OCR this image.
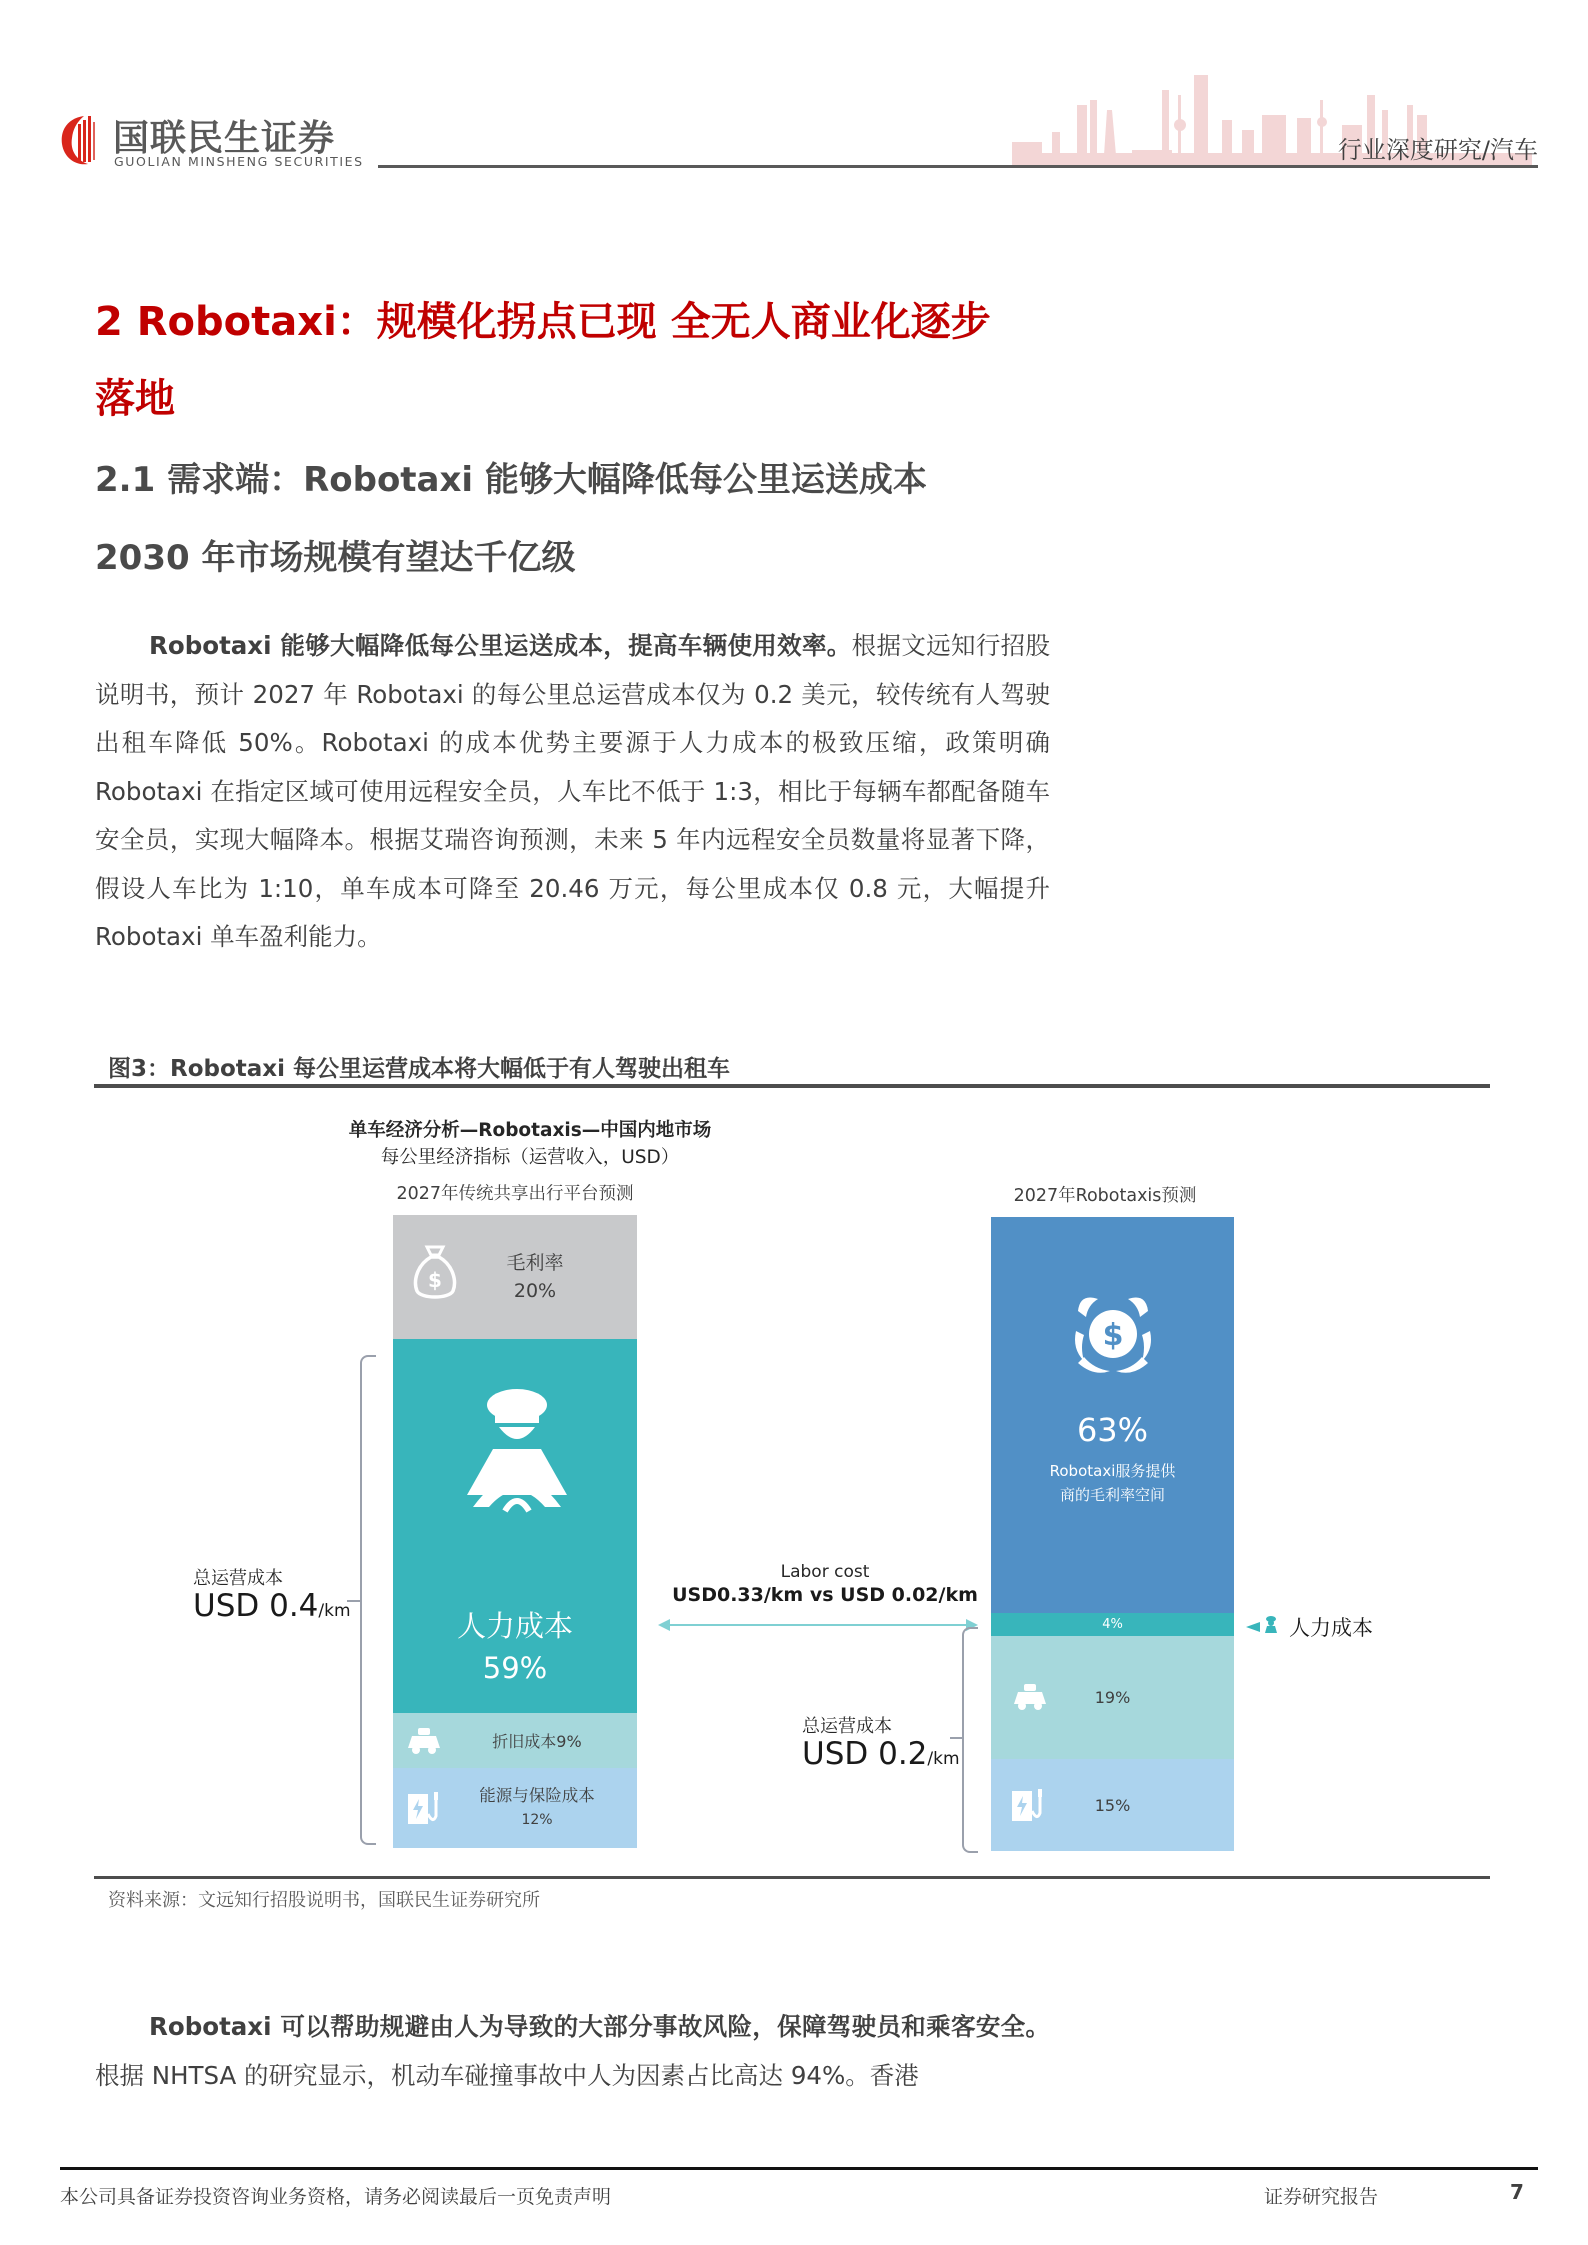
国联民生证券
GUOLIAN MINSHENG SECURITIES	行业深度研究/汽车
2 Robotaxi：规模化拐点已现 全无人商业化逐步
落地
2.1 需求端：Robotaxi 能够大幅降低每公里运送成本
2030 年市场规模有望达千亿级
Robotaxi 能够大幅降低每公里运送成本，提高车辆使用效率。根据文远知行招股说明书，预计 2027 年 Robotaxi 的每公里总运营成本仅为 0.2 美元，较传统有人驾驶出租车降低 50%。Robotaxi 的成本优势主要源于人力成本的极致压缩，政策明确 Robotaxi 在指定区域可使用远程安全员，人车比不低于 1:3，相比于每辆车都配备随车安全员，实现大幅降本。根据艾瑞咨询预测，未来 5 年内远程安全员数量将显著下降，假设人车比为 1:10，单车成本可降至 20.46 万元，每公里成本仅 0.8 元，大幅提升 Robotaxi 单车盈利能力。
图3：Robotaxi 每公里运营成本将大幅低于有人驾驶出租车
单车经济分析—Robotaxis—中国内地市场
每公里经济指标（运营收入，USD）
2027年传统共享出行平台预测
$
毛利率
20%
人力成本
59%
折旧成本9%
能源与保险成本
12%
总运营成本
USD 0.4/km
Labor cost
USD0.33/km vs USD 0.02/km
2027年Robotaxis预测
$
63%
Robotaxi服务提供商的毛利率空间
4%
19%
15%
总运营成本
USD 0.2/km
人力成本
资料来源：文远知行招股说明书，国联民生证券研究所
Robotaxi 可以帮助规避由人为导致的大部分事故风险，保障驾驶员和乘客安全。根据 NHTSA 的研究显示，机动车碰撞事故中人为因素占比高达 94%。香港
本公司具备证券投资咨询业务资格，请务必阅读最后一页免责声明	证券研究报告	7
